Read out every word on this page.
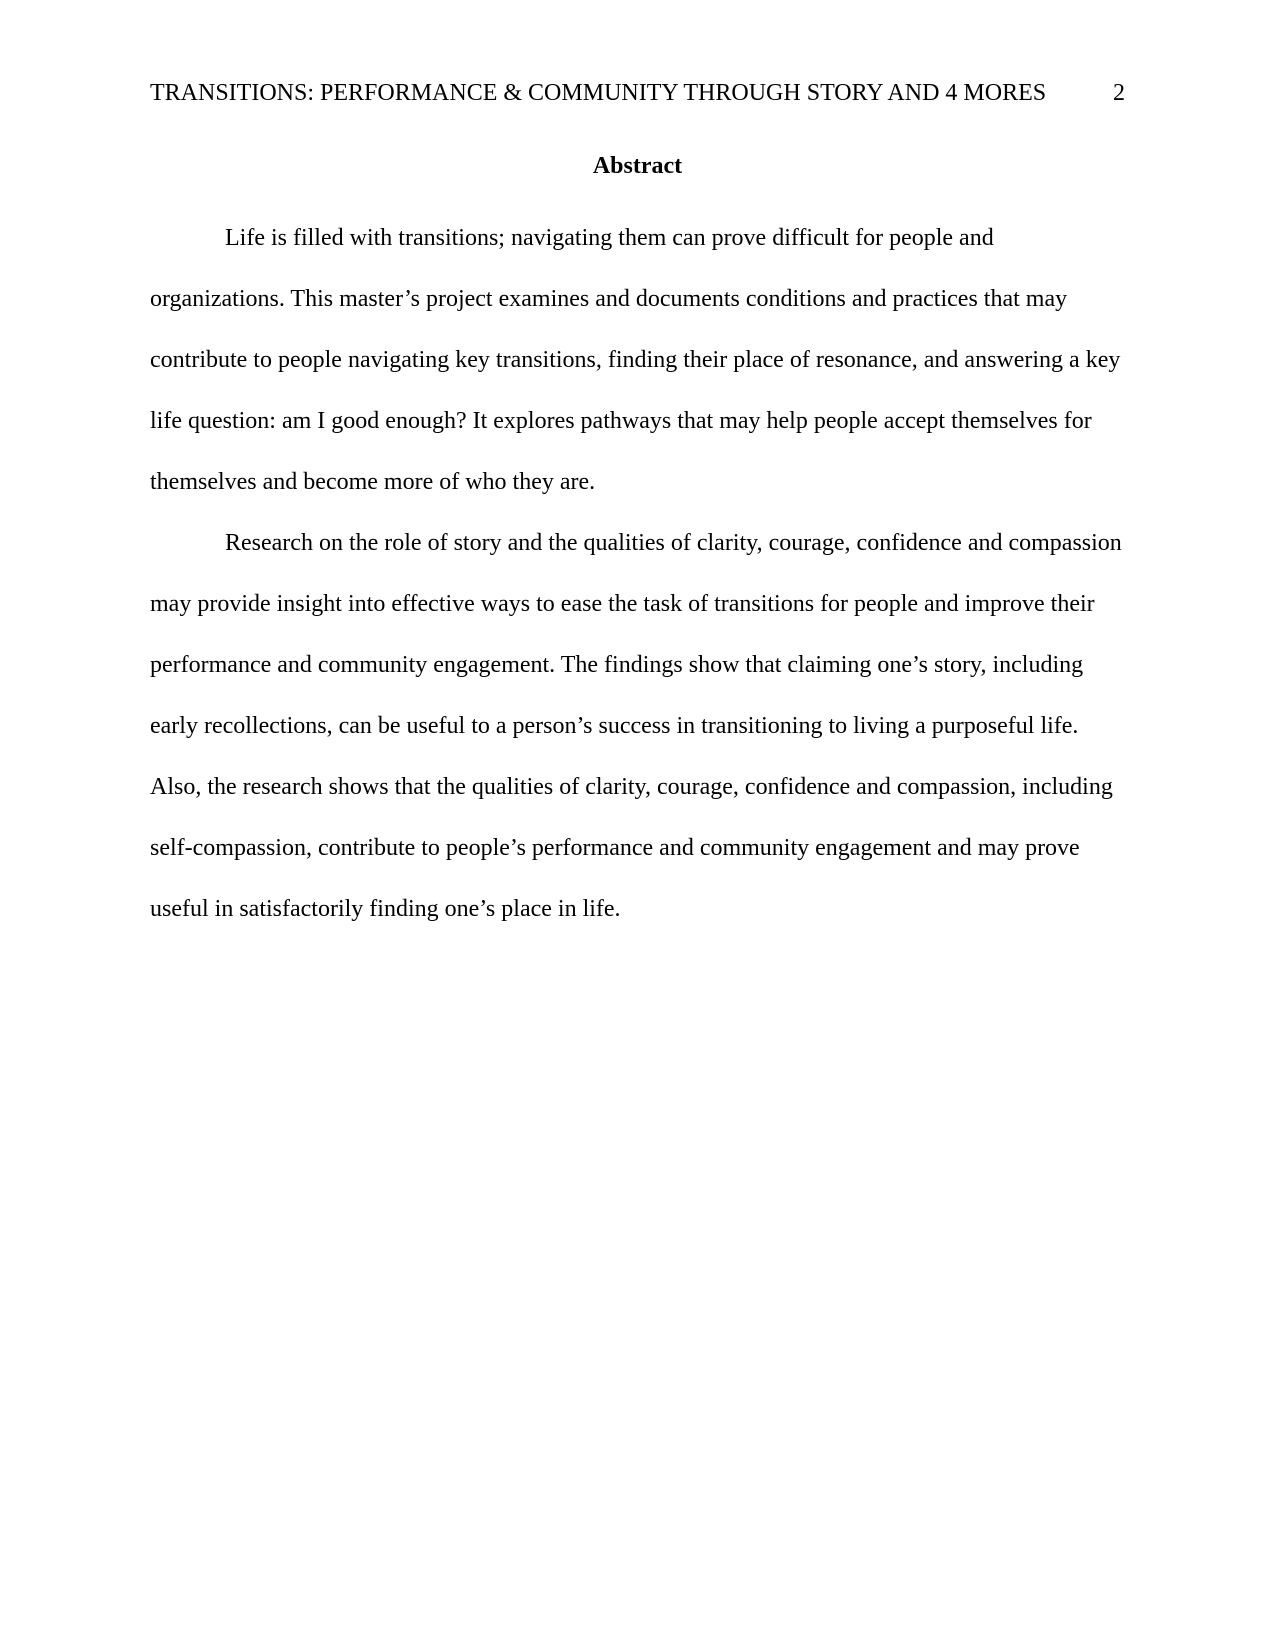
TRANSITIONS: PERFORMANCE & COMMUNITY THROUGH STORY AND 4 MORES	2
Abstract

Life is filled with transitions; navigating them can prove difficult for people and organizations. This master’s project examines and documents conditions and practices that may contribute to people navigating key transitions, finding their place of resonance, and answering a key life question: am I good enough? It explores pathways that may help people accept themselves for themselves and become more of who they are.

Research on the role of story and the qualities of clarity, courage, confidence and compassion may provide insight into effective ways to ease the task of transitions for people and improve their performance and community engagement. The findings show that claiming one’s story, including early recollections, can be useful to a person’s success in transitioning to living a purposeful life. Also, the research shows that the qualities of clarity, courage, confidence and compassion, including self-compassion, contribute to people’s performance and community engagement and may prove useful in satisfactorily finding one’s place in life.
